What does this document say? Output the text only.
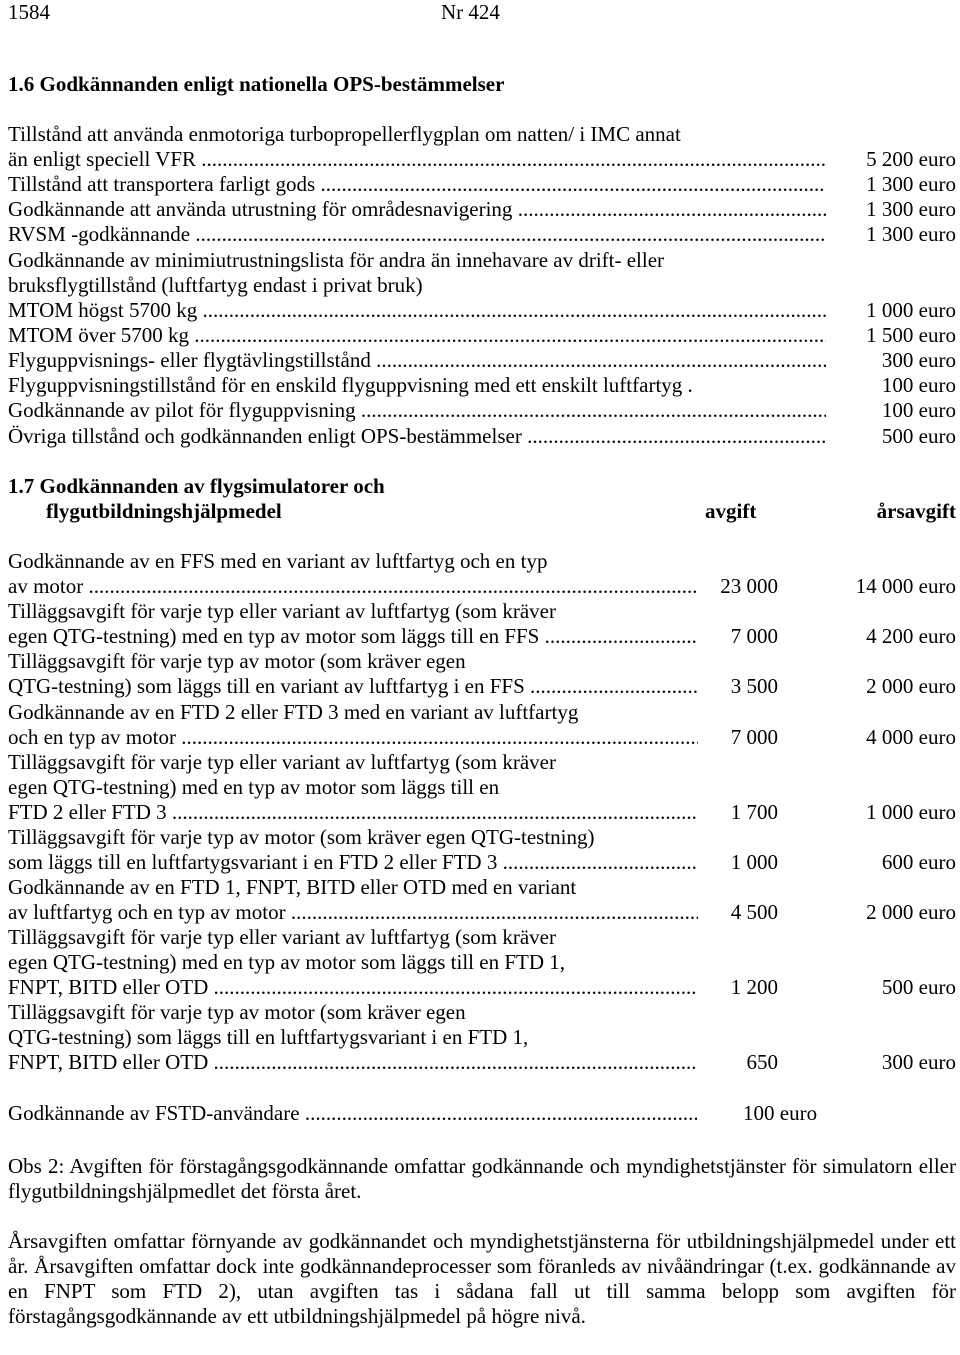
1584	Nr 424
1.6 Godkännanden enligt nationella OPS-bestämmelser
Tillstånd att använda enmotoriga turbopropellerflygplan om natten/ i IMC annat
än enligt speciell VFR .....	5 200 euro
Tillstånd att transportera farligt gods .....	1 300 euro
Godkännande att använda utrustning för områdesnavigering .....	1 300 euro
RVSM -godkännande .....	1 300 euro
Godkännande av minimiutrustningslista för andra än innehavare av drift- eller
bruksflygtillstånd (luftfartyg endast i privat bruk)
MTOM högst 5700 kg .....	1 000 euro
MTOM över 5700 kg .....	1 500 euro
Flyguppvisnings- eller flygtävlingstillstånd .....	300 euro
Flyguppvisningstillstånd för en enskild flyguppvisning med ett enskilt luftfartyg .	100 euro
Godkännande av pilot för flyguppvisning .....	100 euro
Övriga tillstånd och godkännanden enligt OPS-bestämmelser .....	500 euro
1.7 Godkännanden av flygsimulatorer och
flygutbildningshjälpmedel	avgift	årsavgift
Godkännande av en FFS med en variant av luftfartyg och en typ
av motor .....	23 000	14 000 euro
Tilläggsavgift för varje typ eller variant av luftfartyg (som kräver
egen QTG-testning) med en typ av motor som läggs till en FFS .....	7 000	4 200 euro
Tilläggsavgift för varje typ av motor (som kräver egen
QTG-testning) som läggs till en variant av luftfartyg i en FFS .....	3 500	2 000 euro
Godkännande av en FTD 2 eller FTD 3 med en variant av luftfartyg
och en typ av motor .....	7 000	4 000 euro
Tilläggsavgift för varje typ eller variant av luftfartyg (som kräver
egen QTG-testning) med en typ av motor som läggs till en
FTD 2 eller FTD 3 .....	1 700	1 000 euro
Tilläggsavgift för varje typ av motor (som kräver egen QTG-testning)
som läggs till en luftfartygsvariant i en FTD 2 eller FTD 3 .....	1 000	600 euro
Godkännande av en FTD 1, FNPT, BITD eller OTD med en variant
av luftfartyg och en typ av motor .....	4 500	2 000 euro
Tilläggsavgift för varje typ eller variant av luftfartyg (som kräver
egen QTG-testning) med en typ av motor som läggs till en FTD 1,
FNPT, BITD eller OTD .....	1 200	500 euro
Tilläggsavgift för varje typ av motor (som kräver egen
QTG-testning) som läggs till en luftfartygsvariant i en FTD 1,
FNPT, BITD eller OTD .....	650	300 euro
Godkännande av FSTD-användare .....	100 euro
Obs 2: Avgiften för förstagångsgodkännande omfattar godkännande och myndighetstjänster för simulatorn eller flygutbildningshjälpmedlet det första året.
Årsavgiften omfattar förnyande av godkännandet och myndighetstjänsterna för utbildningshjälpmedel under ett år. Årsavgiften omfattar dock inte godkännandeprocesser som föranleds av nivåändringar (t.ex. godkännande av en FNPT som FTD 2), utan avgiften tas i sådana fall ut till samma belopp som avgiften för förstagångsgodkännande av ett utbildningshjälpmedel på högre nivå.
